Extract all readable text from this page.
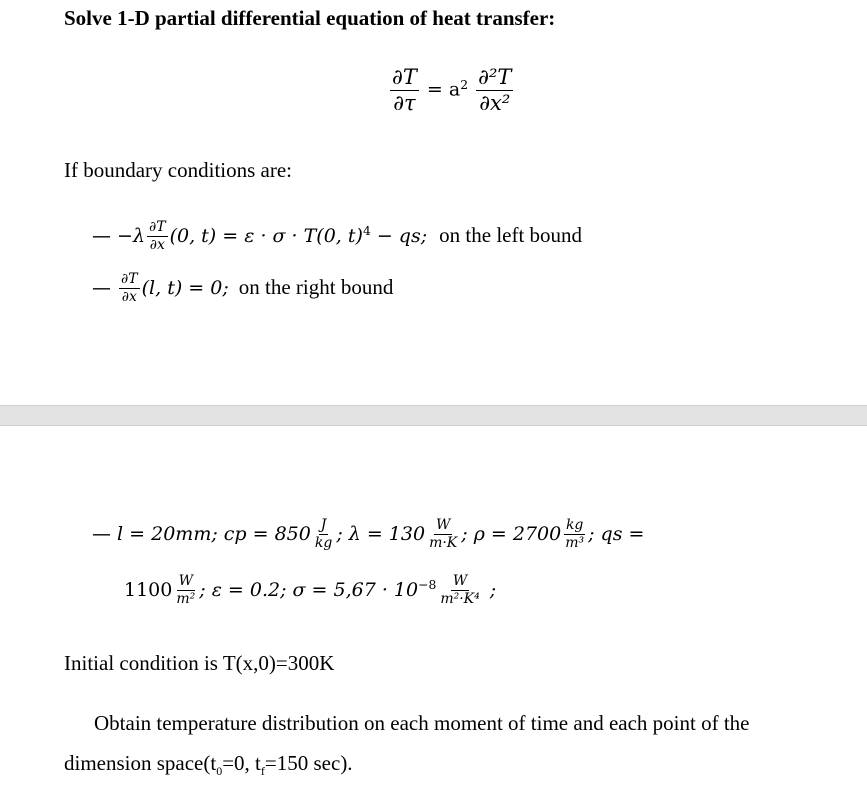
Solve 1-D partial differential equation of heat transfer:
$\frac{\partial T}{\partial\tau} = a^2 \frac{\text{∂²T}}{\text{∂x²}}$
If boundary conditions are:
— $-\lambda \frac{\partial T}{\partial x} (0$, t) = ε · σ · T(0, t)$^4$ − qs; on the left bound
— $\frac{\partial T}{\partial x} (l$, t) = 0; on the right bound
— l = 20mm; cp = $850 \frac{J}{kg}$ ; $\lambda = 130 \frac{W}{m\cdot K}$ ; $\rho = 2700 \frac{kg}{\text{m³}}$ ; qs =
$1100 \frac{W}{\text{m²}}$ ; ε = 0.2; $\sigma = 5,67 \cdot 10^{-8} \frac{W}{\text{m²·K⁴}}$ ;
Initial condition is T(x,0)=300K
Obtain temperature distribution on each moment of time and each point of the
dimension $space(t_0=0$, $t_f=150$ sec).
